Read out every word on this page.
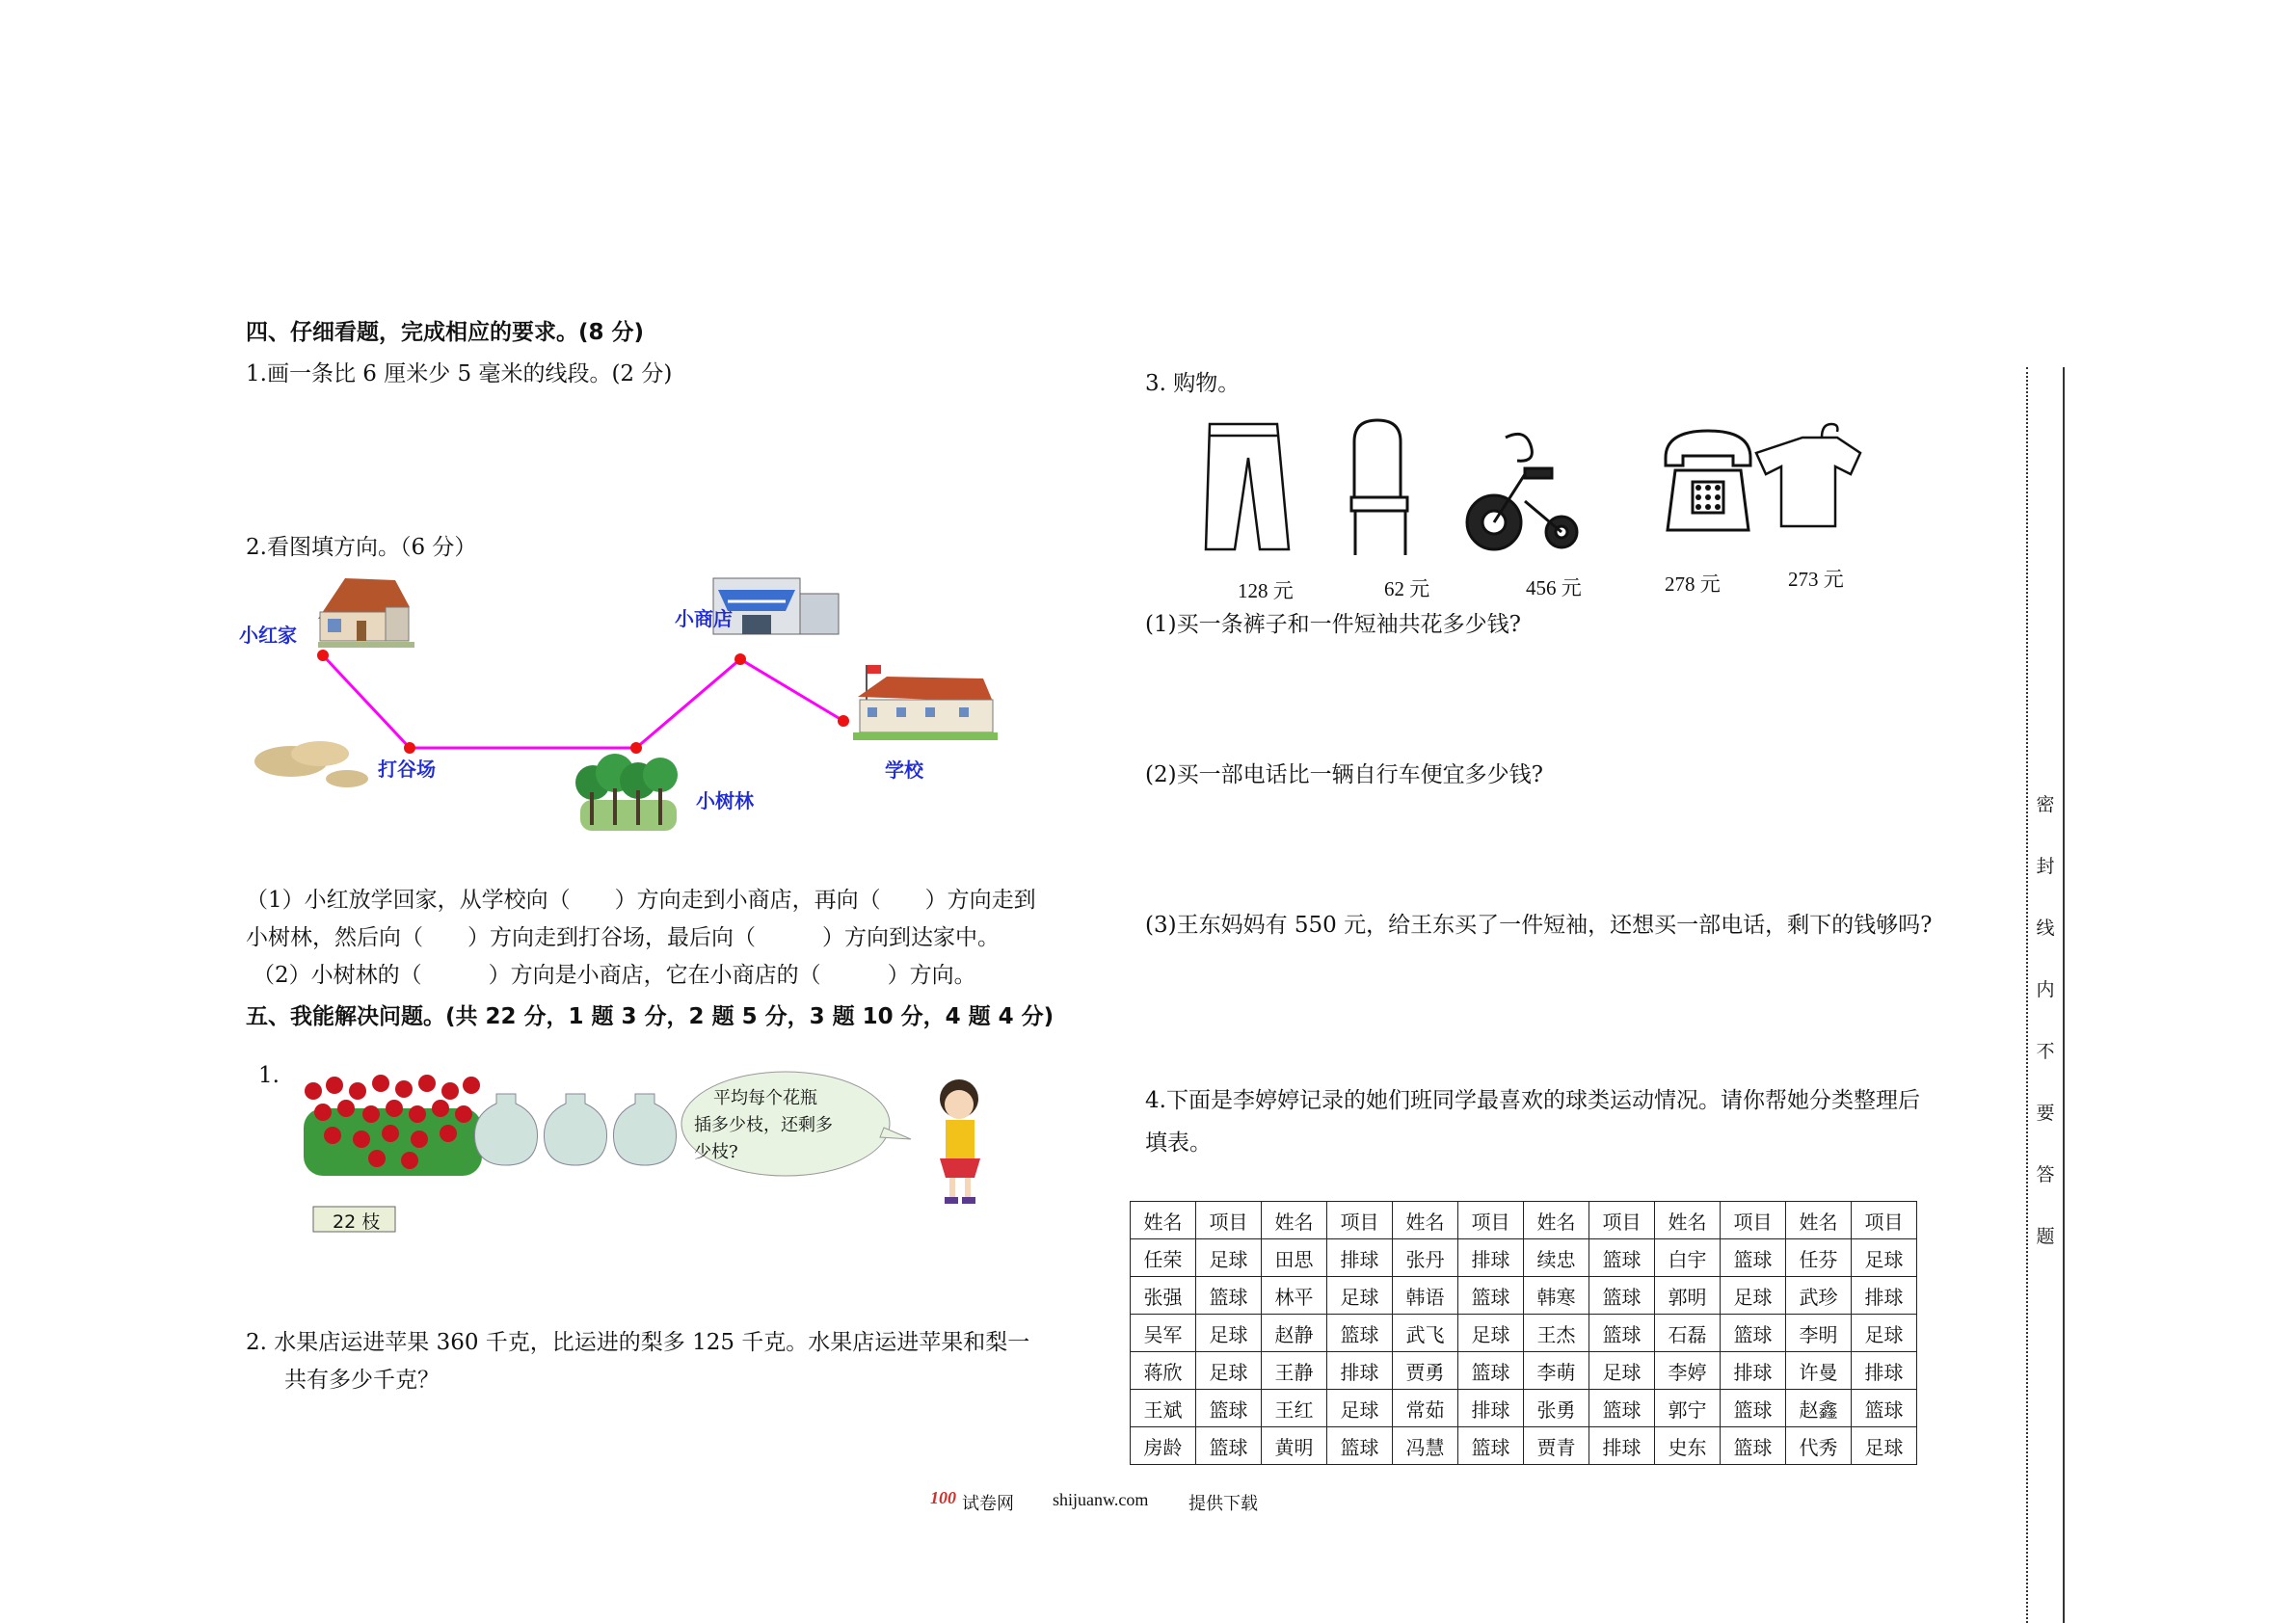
四、仔细看题，完成相应的要求。(8 分)
1.画一条比 6 厘米少 5 毫米的线段。(2 分)
2.看图填方向。（6 分）
小红家
小商店
打谷场
小树林
学校
（1）小红放学回家，从学校向（　　）方向走到小商店，再向（　　）方向走到
小树林，然后向（　　）方向走到打谷场，最后向（　　　）方向到达家中。
（2）小树林的（　　　）方向是小商店，它在小商店的（　　　）方向。
五、我能解决问题。(共 22 分，1 题 3 分，2 题 5 分，3 题 10 分，4 题 4 分)
1.
22 枝
平均每个花瓶
插多少枝，还剩多
少枝?
2. 水果店运进苹果 360 千克，比运进的梨多 125 千克。水果店运进苹果和梨一
共有多少千克？
3. 购物。
128 元	62 元	456 元	278 元	273 元
(1)买一条裤子和一件短袖共花多少钱?
(2)买一部电话比一辆自行车便宜多少钱?
(3)王东妈妈有 550 元，给王东买了一件短袖，还想买一部电话，剩下的钱够吗?
4.下面是李婷婷记录的她们班同学最喜欢的球类运动情况。请你帮她分类整理后
填表。
姓名	项目	姓名	项目	姓名	项目	姓名	项目	姓名	项目	姓名	项目
任荣	足球	田思	排球	张丹	排球	续忠	篮球	白宇	篮球	任芬	足球
张强	篮球	林平	足球	韩语	篮球	韩寒	篮球	郭明	足球	武珍	排球
吴军	足球	赵静	篮球	武飞	足球	王杰	篮球	石磊	篮球	李明	足球
蒋欣	足球	王静	排球	贾勇	篮球	李萌	足球	李婷	排球	许曼	排球
王斌	篮球	王红	足球	常茹	排球	张勇	篮球	郭宁	篮球	赵鑫	篮球
房龄	篮球	黄明	篮球	冯慧	篮球	贾青	排球	史东	篮球	代秀	足球
密
封
线
内
不
要
答
题
100 试卷网 shijuanw.com 提供下载
